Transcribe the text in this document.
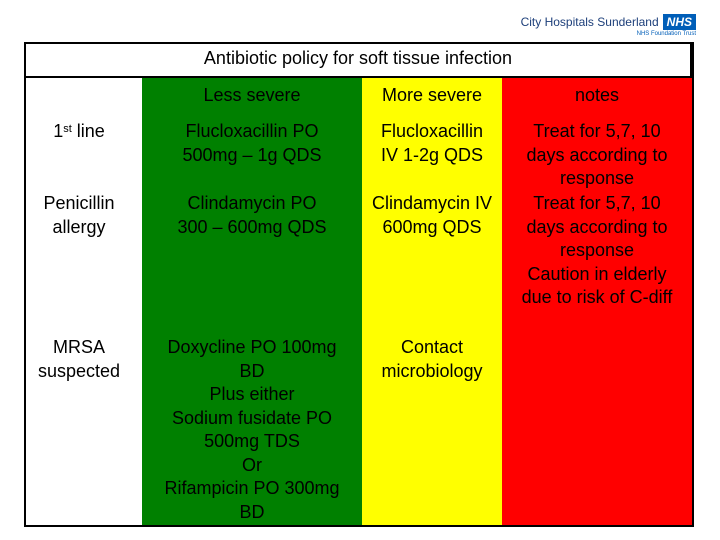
City Hospitals Sunderland NHS
NHS Foundation Trust
Antibiotic policy for soft tissue infection
Less severe	More severe	notes
1st line
Penicillin
allergy
MRSA
suspected
Flucloxacillin PO
500mg – 1g QDS
Flucloxacillin
IV 1-2g QDS
Treat for 5,7, 10
days according to
response
Clindamycin PO
300 – 600mg QDS
Clindamycin IV
600mg QDS
Treat for 5,7, 10
days according to
response
Caution in elderly
due to risk of C-diff
Doxycline PO 100mg
BD
Plus either
Sodium fusidate PO
500mg TDS
Or
Rifampicin PO 300mg
BD
Contact
microbiology
